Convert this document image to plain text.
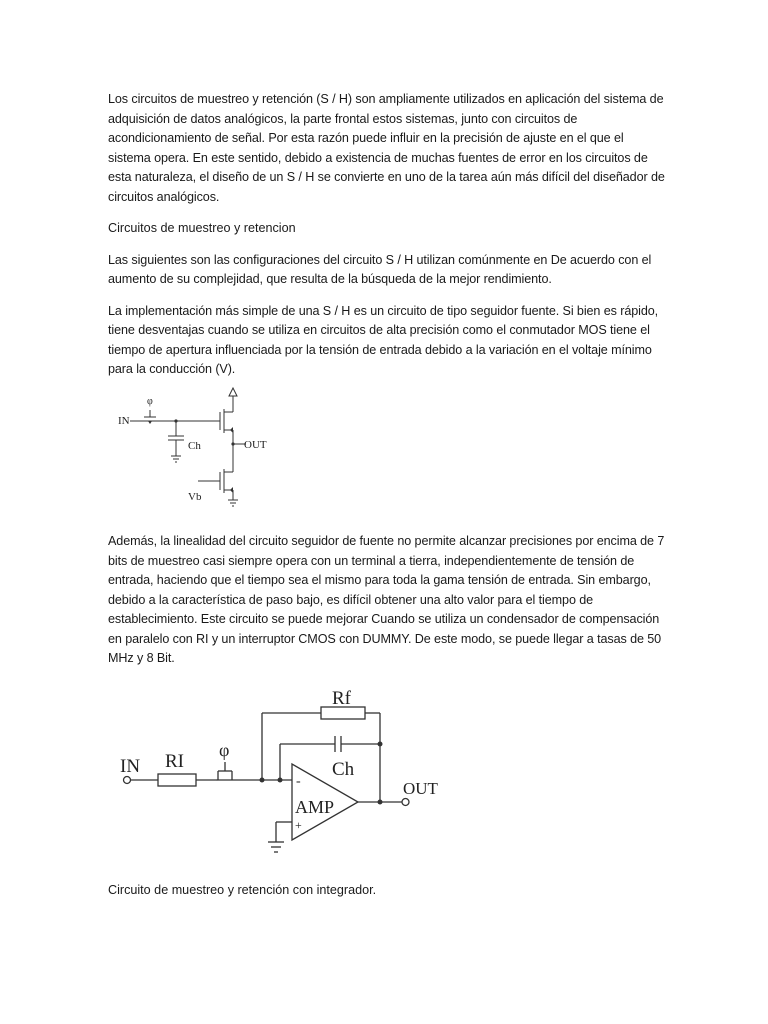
Los circuitos de muestreo y retención (S / H) son ampliamente utilizados en aplicación del sistema de adquisición de datos analógicos, la parte frontal estos sistemas, junto con circuitos de acondicionamiento de señal. Por esta razón puede influir en la precisión de ajuste en el que el sistema opera. En este sentido, debido a existencia de muchas fuentes de error en los circuitos de esta naturaleza, el diseño de un S / H se convierte en uno de la tarea aún más difícil del diseñador de circuitos analógicos.

Circuitos de muestreo y retencion

Las siguientes son las configuraciones del circuito S / H utilizan comúnmente en De acuerdo con el aumento de su complejidad, que resulta de la búsqueda de la mejor rendimiento.

La implementación más simple de una S / H es un circuito de tipo seguidor fuente. Si bien es rápido, tiene desventajas cuando se utiliza en circuitos de alta precisión como el conmutador MOS tiene el tiempo de apertura influenciada por la tensión de entrada debido a la variación en el voltaje mínimo para la conducción (V).

IN
φ
Ch	OUT
Vb

Además, la linealidad del circuito seguidor de fuente no permite alcanzar precisiones por encima de 7 bits de muestreo casi siempre opera con un terminal a tierra, independientemente de tensión de entrada, haciendo que el tiempo sea el mismo para toda la gama tensión de entrada. Sin embargo, debido a la característica de paso bajo, es difícil obtener una alto valor para el tiempo de establecimiento. Este circuito se puede mejorar Cuando se utiliza un condensador de compensación en paralelo con RI y un interruptor CMOS con DUMMY. De este modo, se puede llegar a tasas de 50 MHz y 8 Bit.

IN RI
φ
Rf
Ch
AMP
-
+
OUT
Circuito de muestreo y retención con integrador.
